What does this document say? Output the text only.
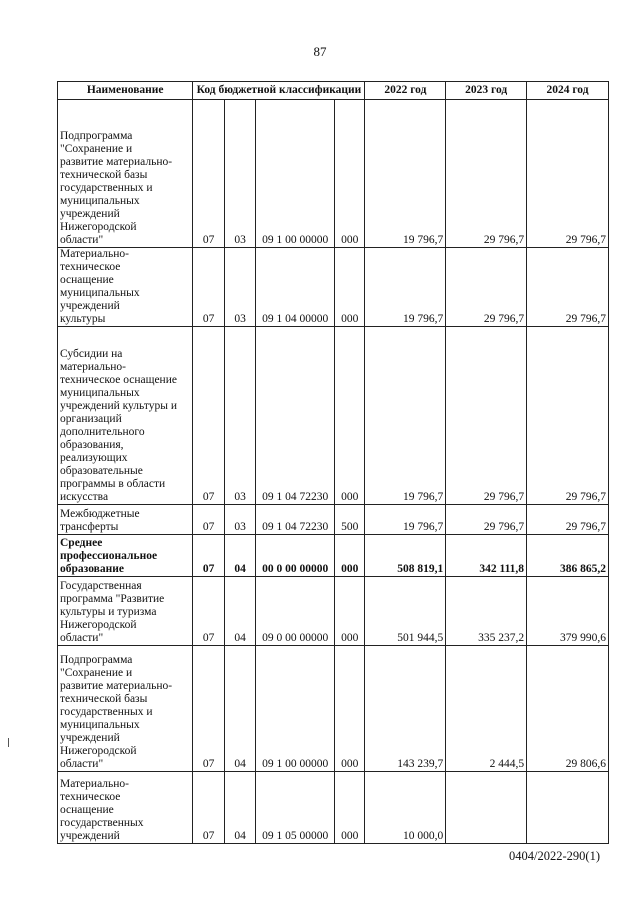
87
Наименование	Код бюджетной классификации				2022 год	2023 год	2024 год

Подпрограмма "Сохранение и развитие материально-технической базы государственных и муниципальных учреждений Нижегородской области"	07	03	09 1 00 00000	000	19 796,7	29 796,7	29 796,7

Материально-техническое оснащение муниципальных учреждений культуры	07	03	09 1 04 00000	000	19 796,7	29 796,7	29 796,7

Субсидии на материально-техническое оснащение муниципальных учреждений культуры и организаций дополнительного образования, реализующих образовательные программы в области искусства	07	03	09 1 04 72230	000	19 796,7	29 796,7	29 796,7

Межбюджетные трансферты	07	03	09 1 04 72230	500	19 796,7	29 796,7	29 796,7

Среднее профессиональное образование	07	04	00 0 00 00000	000	508 819,1	342 111,8	386 865,2

Государственная программа "Развитие культуры и туризма Нижегородской области"	07	04	09 0 00 00000	000	501 944,5	335 237,2	379 990,6

Подпрограмма "Сохранение и развитие материально-технической базы государственных и муниципальных учреждений Нижегородской области"	07	04	09 1 00 00000	000	143 239,7	2 444,5	29 806,6

Материально-техническое оснащение государственных учреждений	07	04	09 1 05 00000	000	10 000,0		
0404/2022-290(1)
